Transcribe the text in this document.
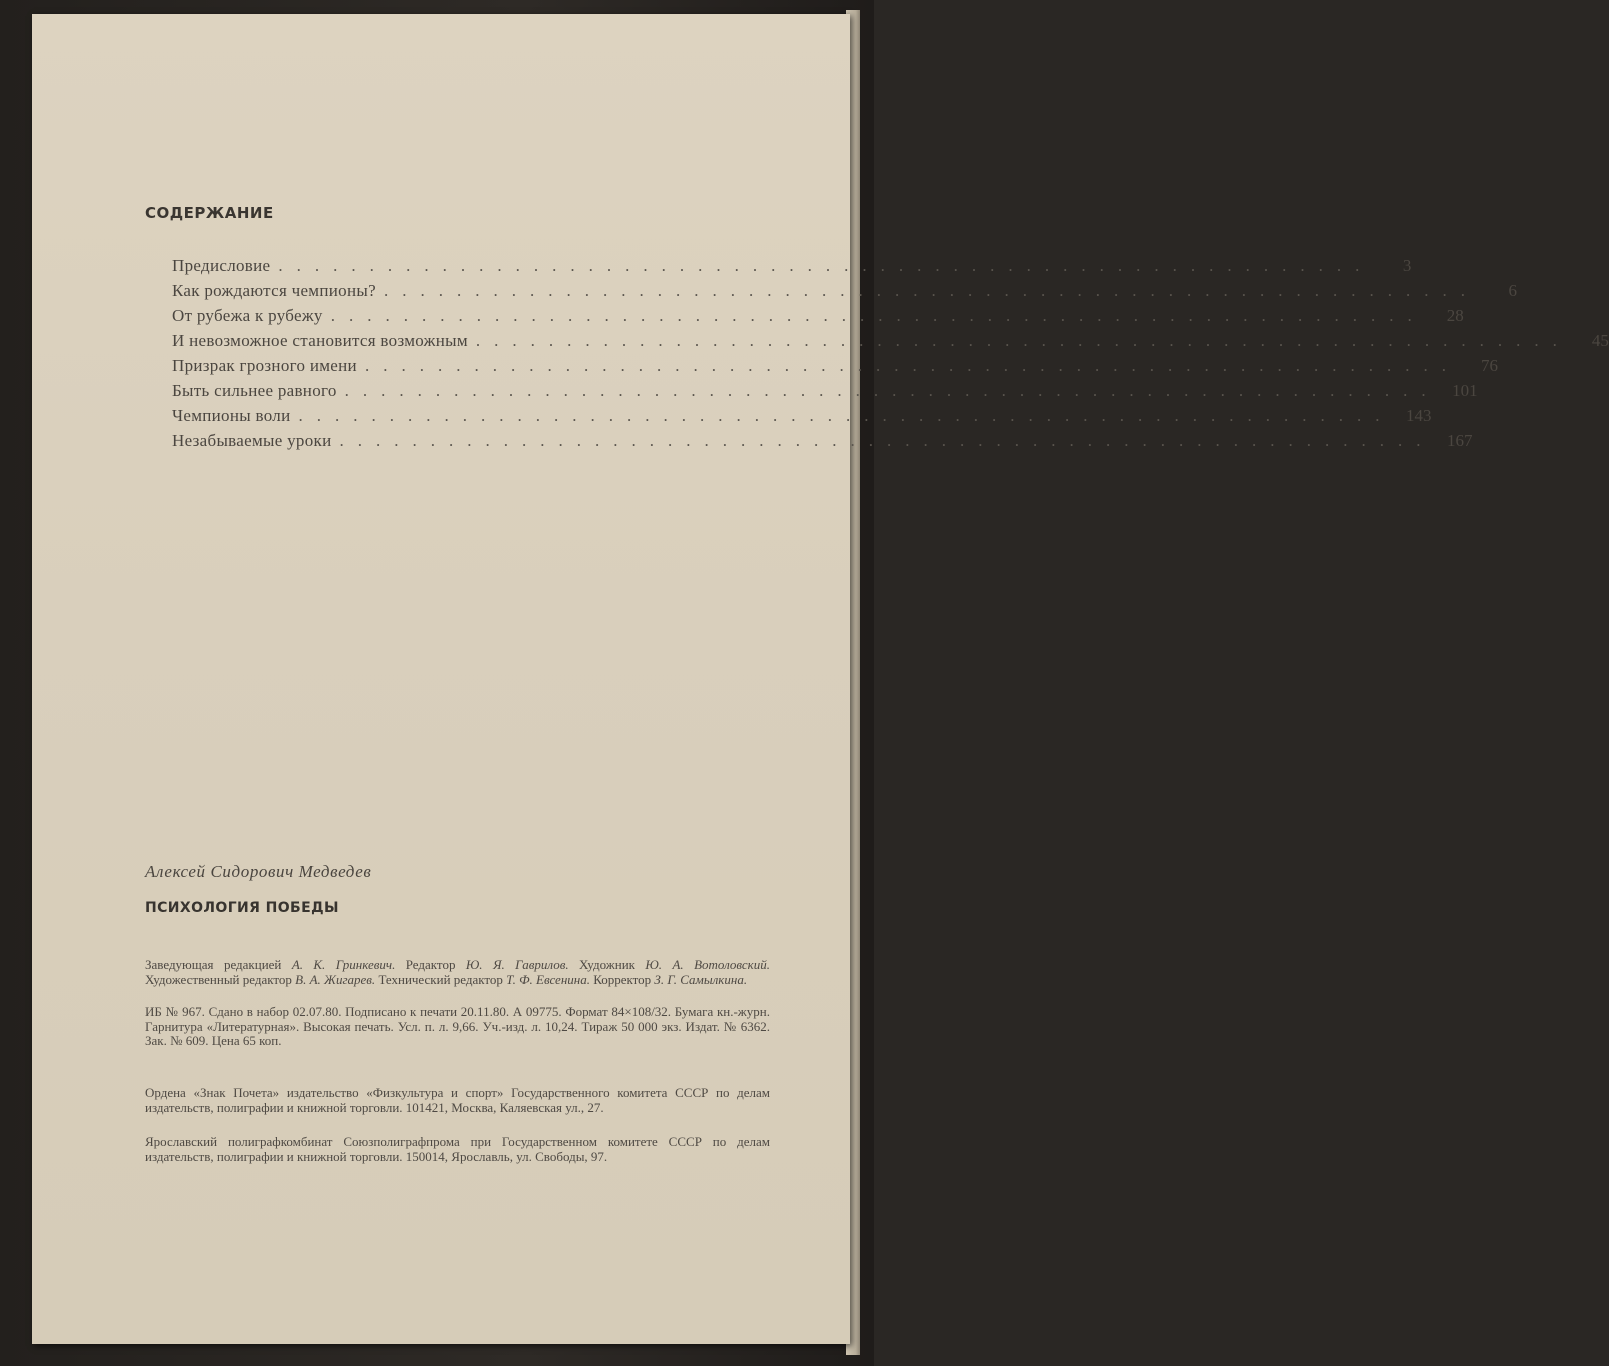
СОДЕРЖАНИЕ
Предисловие ............................................................	3
Как рождаются чемпионы? ............................................................	6
От рубежа к рубежу ............................................................	28
И невозможное становится возможным ............................................................	45
Призрак грозного имени ............................................................	76
Быть сильнее равного ............................................................ 101
Чемпионы воли ............................................................ 143
Незабываемые уроки ............................................................ 167
Алексей Сидорович Медведев
ПСИХОЛОГИЯ ПОБЕДЫ
Заведующая редакцией А. К. Гринкевич. Редактор Ю. Я. Гаврилов. Художник Ю. А. Вотоловский. Художественный редактор В. А. Жигарев. Технический редактор Т. Ф. Евсенина. Корректор З. Г. Самылкина.
ИБ № 967. Сдано в набор 02.07.80. Подписано к печати 20.11.80. А 09775. Формат 84×108/32. Бумага кн.-журн. Гарнитура «Литературная». Высокая печать. Усл. п. л. 9,66. Уч.-изд. л. 10,24. Тираж 50 000 экз. Издат. № 6362. Зак. № 609. Цена 65 коп.
Ордена «Знак Почета» издательство «Физкультура и спорт» Государственного комитета СССР по делам издательств, полиграфии и книжной торговли. 101421, Москва, Каляевская ул., 27.
Ярославский полиграфкомбинат Союзполиграфпрома при Государственном комитете СССР по делам издательств, полиграфии и книжной торговли. 150014, Ярославль, ул. Свободы, 97.
